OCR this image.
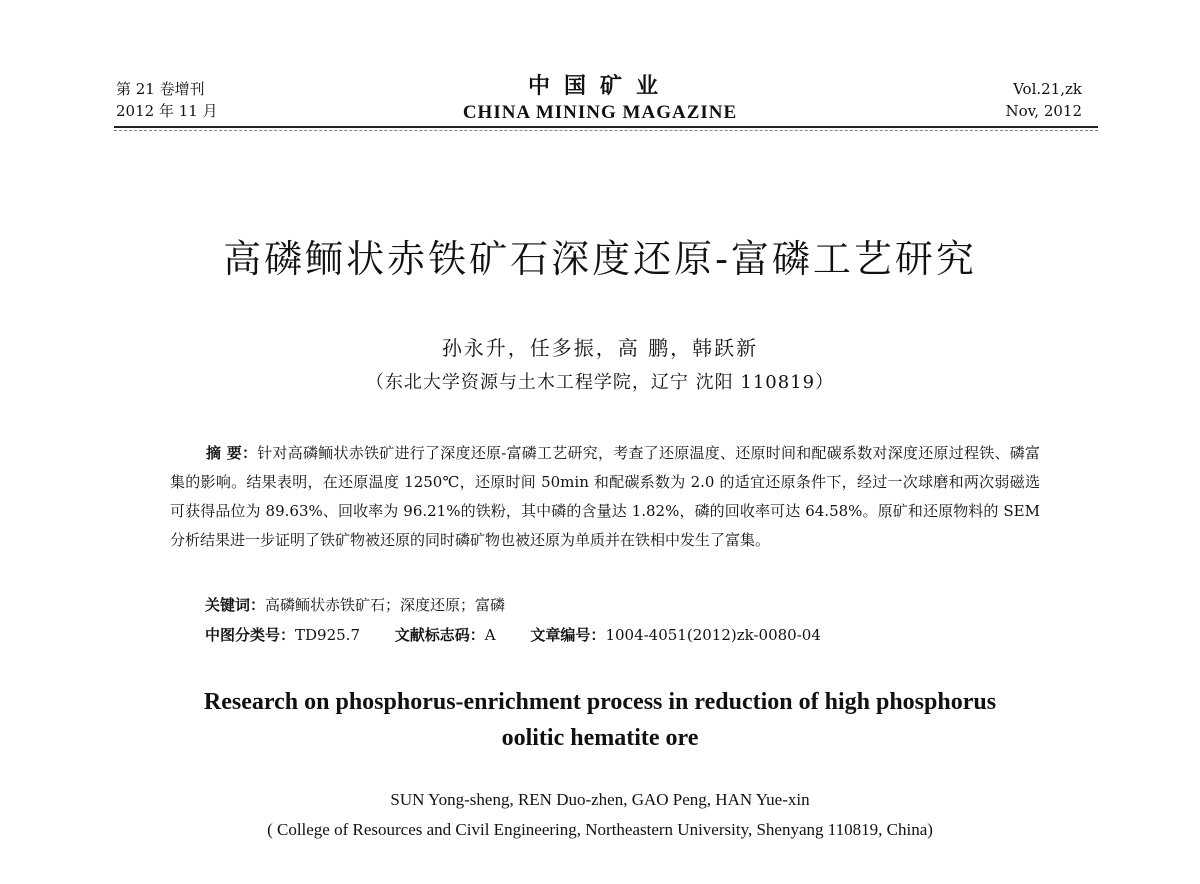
第 21 卷增刊
2012 年 11 月
中国矿业
CHINA MINING MAGAZINE
Vol.21,zk
Nov, 2012
高磷鲕状赤铁矿石深度还原-富磷工艺研究
孙永升，任多振，高 鹏，韩跃新
（东北大学资源与土木工程学院，辽宁 沈阳 110819）
摘 要：针对高磷鲕状赤铁矿进行了深度还原-富磷工艺研究，考查了还原温度、还原时间和配碳系数对深度还原过程铁、磷富集的影响。结果表明，在还原温度 1250℃，还原时间 50min 和配碳系数为 2.0 的适宜还原条件下，经过一次球磨和两次弱磁选可获得品位为 89.63%、回收率为 96.21%的铁粉，其中磷的含量达 1.82%，磷的回收率可达 64.58%。原矿和还原物料的 SEM 分析结果进一步证明了铁矿物被还原的同时磷矿物也被还原为单质并在铁相中发生了富集。
关键词：高磷鲕状赤铁矿石；深度还原；富磷
中图分类号：TD925.7 文献标志码：A 文章编号：1004-4051(2012)zk-0080-04
Research on phosphorus-enrichment process in reduction of high phosphorus
oolitic hematite ore
SUN Yong-sheng, REN Duo-zhen, GAO Peng, HAN Yue-xin
( College of Resources and Civil Engineering, Northeastern University, Shenyang 110819, China)
